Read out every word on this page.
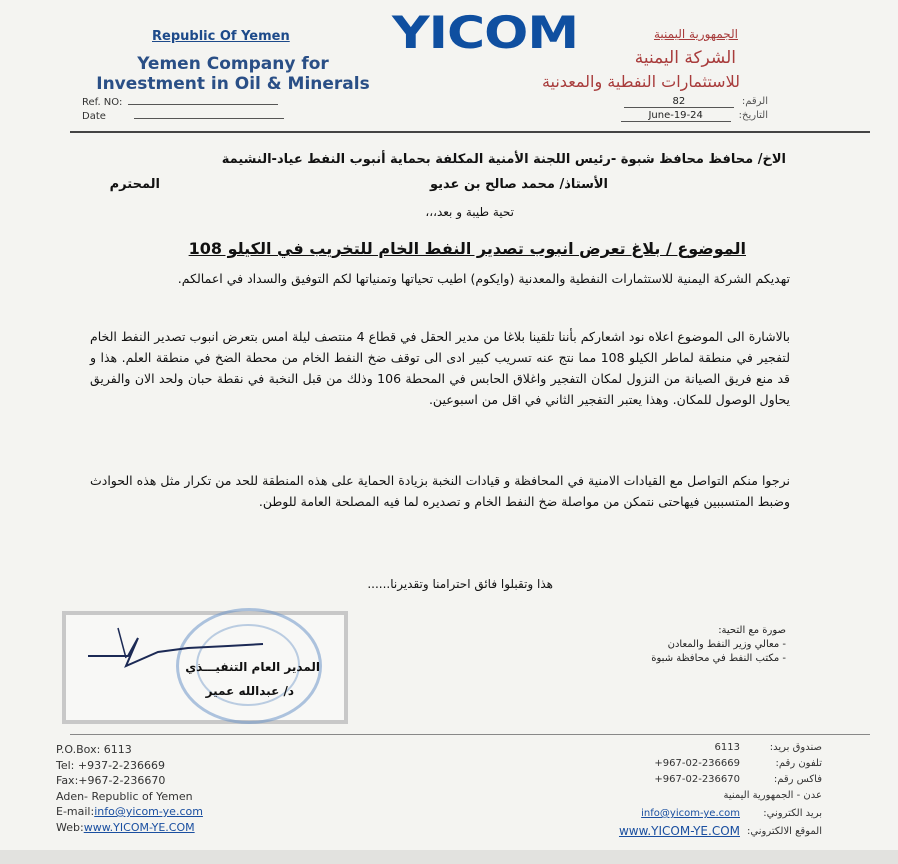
Republic Of Yemen
Yemen Company for
Investment in Oil & Minerals
YICOM	الجمهورية اليمنية
الشركة اليمنية
للاستثمارات النفطية والمعدنية
Ref. NO:
Date
الرقم:82
التاريخ:24-June-19
الاخ/ محافظ محافظ شبوة -رئيس اللجنة الأمنية المكلفة بحماية أنبوب النفط عياد-النشيمة
الأستاذ/ محمد صالح بن عديو
المحترم
تحية طيبة و بعد،،،
الموضوع / بلاغ تعرض انبوب تصدير النفط الخام للتخريب في الكيلو 108
تهديكم الشركة اليمنية للاستثمارات النفطية والمعدنية (وايكوم) اطيب تحياتها وتمنياتها لكم التوفيق والسداد في اعمالكم.
بالاشارة الى الموضوع اعلاه نود اشعاركم بأننا تلقينا بلاغا من مدير الحقل في قطاع 4 منتصف ليلة امس بتعرض انبوب تصدير النفط الخام لتفجير في منطقة لماطر الكيلو 108 مما نتج عنه تسريب كبير ادى الى توقف ضخ النفط الخام من محطة الضخ في منطقة العلم. هذا و قد منع فريق الصيانة من النزول لمكان التفجير واغلاق الحابس في المحطة 106 وذلك من قبل النخبة في نقطة حبان ولحد الان والفريق يحاول الوصول للمكان. وهذا يعتبر التفجير الثاني في اقل من اسبوعين.
نرجوا منكم التواصل مع القيادات الامنية في المحافظة و قيادات النخبة بزيادة الحماية على هذه المنطقة للحد من تكرار مثل هذه الحوادث وضبط المتسببين فيهاحتى نتمكن من مواصلة ضخ النفط الخام و تصديره لما فيه المصلحة العامة للوطن.
هذا وتقبلوا فائق احترامنا وتقديرنا......
المدير العام التنفيـــذي
د/ عبدالله عمير
صورة مع التحية:
- معالي وزير النفط والمعادن
- مكتب النفط في محافظة شبوة
P.O.Box: 6113
Tel: +937-2-236669
Fax:+967-2-236670
Aden- Republic of Yemen
E-mail:info@yicom-ye.com
Web:www.YICOM-YE.COM
صندوق بريد:
6113
تلفون رقم:
+967-02-236669
فاكس رقم:
+967-02-236670
عدن - الجمهورية اليمنية
بريد الكتروني:
info@yicom-ye.com
الموقع الالكتروني:
www.YICOM-YE.COM
